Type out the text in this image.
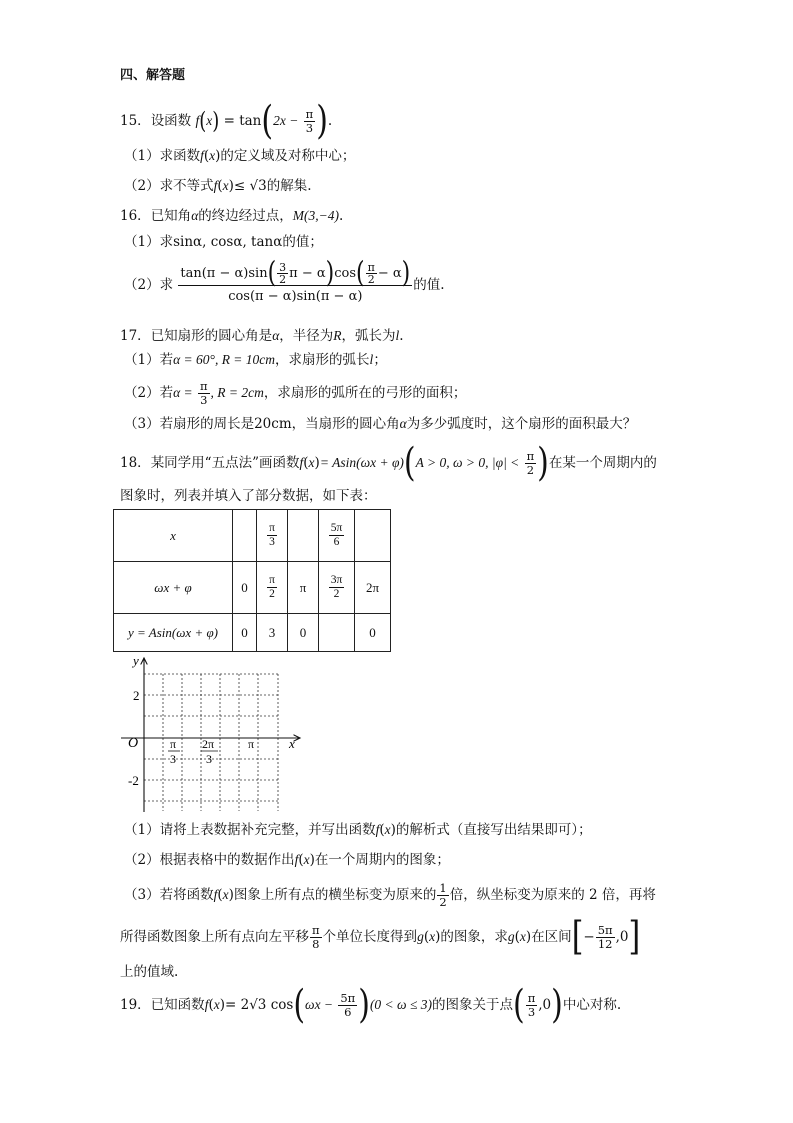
四、解答题
15．设函数 $f(x) = \tan(2x - \frac{\pi}{3}$ ).
（1）求函数f(x)的定义域及对称中心；
（2）求不等式f(x)≤ √3的解集.
16．已知角α的终边经过点，M(3,−4).
（1）求sinα, cosα, tanα的值；
（2）求 $\frac{\tan(\pi - \alpha)\sin( \frac{3}{2} \pi - \alpha)\cos( \frac{\pi}{2} - \alpha)}{\cos(\pi - \alpha)\sin(\pi - \alpha)}$ 的值.
17．已知扇形的圆心角是α，半径为R，弧长为l.
（1）若α = 60°, R = 10cm，求扇形的弧长l；
（2）若$\alpha = \frac{\pi}{3}$ , R = 2cm，求扇形的弧所在的弓形的面积；
（3）若扇形的周长是20cm，当扇形的圆心角α为多少弧度时，这个扇形的面积最大？
18．某同学用“五点法”画函数f(x)= Asin(ωx + φ)(A > 0, ω > 0, $|\varphi| < \frac{\pi}{2}$ )在某一个周期内的
图象时，列表并填入了部分数据，如下表：
x		$\frac{\pi}{3}$		$\frac{5\pi}{6}$

ωx + φ	0	$\frac{\pi}{2}$	π	$\frac{3\pi}{2}$	2π
y = Asin(ωx + φ)	0	3	0		0
y
x
O
2
-2
π
3
2π
3
π
（1）请将上表数据补充完整，并写出函数f(x)的解析式（直接写出结果即可）；
（2）根据表格中的数据作出f(x)在一个周期内的图象；
（3）若将函数f(x)图象上所有点的横坐标变为原来的 $\frac{1}{2}$ 倍，纵坐标变为原来的 2 倍，再将
所得函数图象上所有点向左平移 $\frac{\pi}{8}$ 个单位长度得到g(x)的图象，求g(x)在区间[− $\frac{5\pi}{12} ,0$]
上的值域.
19．已知函数f(x)= 2√3 $\cos(\omega x - \frac{5\pi}{6} )(0 < \omega \le 3)$的图象关于点( $\frac{\pi}{3} ,0$)中心对称.
